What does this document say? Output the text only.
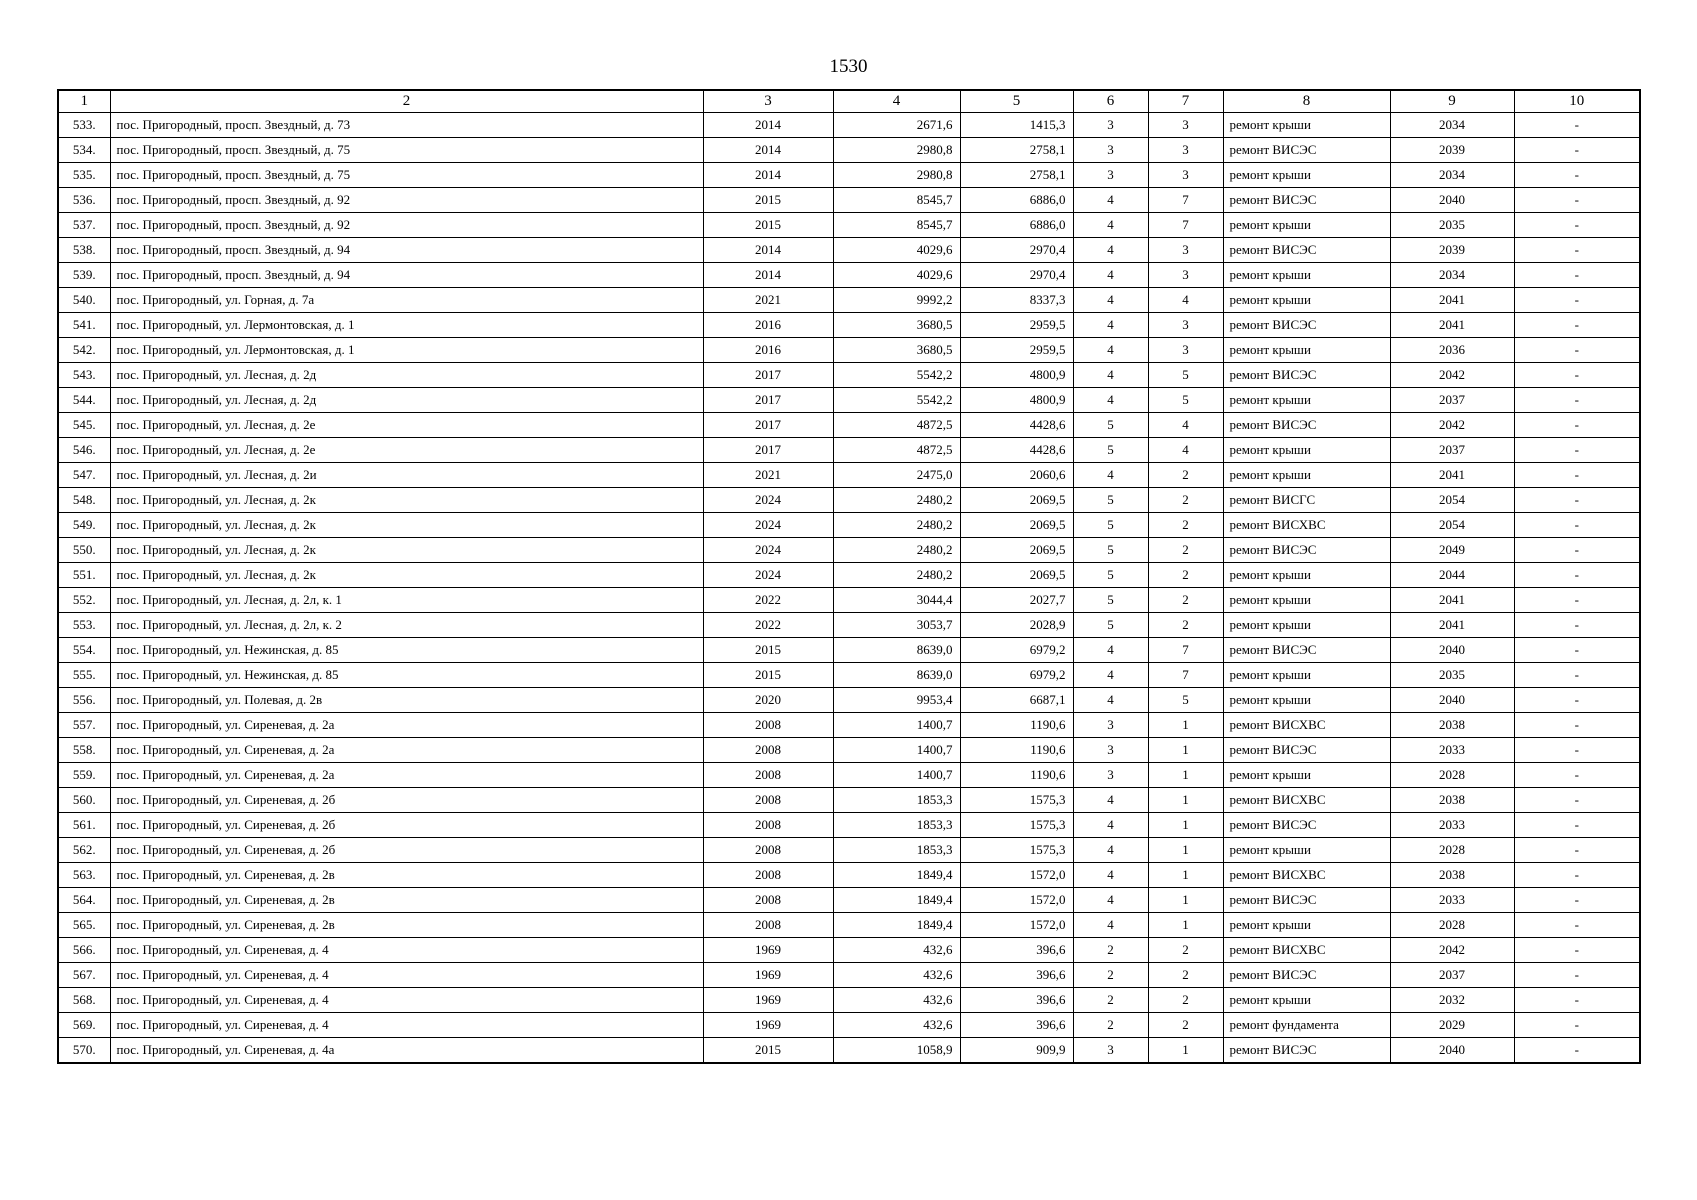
1530
1	2	3	4	5	6	7	8	9	10
533.	пос. Пригородный, просп. Звездный, д. 73	2014	2671,6	1415,3	3	3	ремонт крыши	2034	-
534.	пос. Пригородный, просп. Звездный, д. 75	2014	2980,8	2758,1	3	3	ремонт ВИСЭС	2039	-
535.	пос. Пригородный, просп. Звездный, д. 75	2014	2980,8	2758,1	3	3	ремонт крыши	2034	-
536.	пос. Пригородный, просп. Звездный, д. 92	2015	8545,7	6886,0	4	7	ремонт ВИСЭС	2040	-
537.	пос. Пригородный, просп. Звездный, д. 92	2015	8545,7	6886,0	4	7	ремонт крыши	2035	-
538.	пос. Пригородный, просп. Звездный, д. 94	2014	4029,6	2970,4	4	3	ремонт ВИСЭС	2039	-
539.	пос. Пригородный, просп. Звездный, д. 94	2014	4029,6	2970,4	4	3	ремонт крыши	2034	-
540.	пос. Пригородный, ул. Горная, д. 7а	2021	9992,2	8337,3	4	4	ремонт крыши	2041	-
541.	пос. Пригородный, ул. Лермонтовская, д. 1	2016	3680,5	2959,5	4	3	ремонт ВИСЭС	2041	-
542.	пос. Пригородный, ул. Лермонтовская, д. 1	2016	3680,5	2959,5	4	3	ремонт крыши	2036	-
543.	пос. Пригородный, ул. Лесная, д. 2д	2017	5542,2	4800,9	4	5	ремонт ВИСЭС	2042	-
544.	пос. Пригородный, ул. Лесная, д. 2д	2017	5542,2	4800,9	4	5	ремонт крыши	2037	-
545.	пос. Пригородный, ул. Лесная, д. 2е	2017	4872,5	4428,6	5	4	ремонт ВИСЭС	2042	-
546.	пос. Пригородный, ул. Лесная, д. 2е	2017	4872,5	4428,6	5	4	ремонт крыши	2037	-
547.	пос. Пригородный, ул. Лесная, д. 2и	2021	2475,0	2060,6	4	2	ремонт крыши	2041	-
548.	пос. Пригородный, ул. Лесная, д. 2к	2024	2480,2	2069,5	5	2	ремонт ВИСГС	2054	-
549.	пос. Пригородный, ул. Лесная, д. 2к	2024	2480,2	2069,5	5	2	ремонт ВИСХВС	2054	-
550.	пос. Пригородный, ул. Лесная, д. 2к	2024	2480,2	2069,5	5	2	ремонт ВИСЭС	2049	-
551.	пос. Пригородный, ул. Лесная, д. 2к	2024	2480,2	2069,5	5	2	ремонт крыши	2044	-
552.	пос. Пригородный, ул. Лесная, д. 2л, к. 1	2022	3044,4	2027,7	5	2	ремонт крыши	2041	-
553.	пос. Пригородный, ул. Лесная, д. 2л, к. 2	2022	3053,7	2028,9	5	2	ремонт крыши	2041	-
554.	пос. Пригородный, ул. Нежинская, д. 85	2015	8639,0	6979,2	4	7	ремонт ВИСЭС	2040	-
555.	пос. Пригородный, ул. Нежинская, д. 85	2015	8639,0	6979,2	4	7	ремонт крыши	2035	-
556.	пос. Пригородный, ул. Полевая, д. 2в	2020	9953,4	6687,1	4	5	ремонт крыши	2040	-
557.	пос. Пригородный, ул. Сиреневая, д. 2а	2008	1400,7	1190,6	3	1	ремонт ВИСХВС	2038	-
558.	пос. Пригородный, ул. Сиреневая, д. 2а	2008	1400,7	1190,6	3	1	ремонт ВИСЭС	2033	-
559.	пос. Пригородный, ул. Сиреневая, д. 2а	2008	1400,7	1190,6	3	1	ремонт крыши	2028	-
560.	пос. Пригородный, ул. Сиреневая, д. 2б	2008	1853,3	1575,3	4	1	ремонт ВИСХВС	2038	-
561.	пос. Пригородный, ул. Сиреневая, д. 2б	2008	1853,3	1575,3	4	1	ремонт ВИСЭС	2033	-
562.	пос. Пригородный, ул. Сиреневая, д. 2б	2008	1853,3	1575,3	4	1	ремонт крыши	2028	-
563.	пос. Пригородный, ул. Сиреневая, д. 2в	2008	1849,4	1572,0	4	1	ремонт ВИСХВС	2038	-
564.	пос. Пригородный, ул. Сиреневая, д. 2в	2008	1849,4	1572,0	4	1	ремонт ВИСЭС	2033	-
565.	пос. Пригородный, ул. Сиреневая, д. 2в	2008	1849,4	1572,0	4	1	ремонт крыши	2028	-
566.	пос. Пригородный, ул. Сиреневая, д. 4	1969	432,6	396,6	2	2	ремонт ВИСХВС	2042	-
567.	пос. Пригородный, ул. Сиреневая, д. 4	1969	432,6	396,6	2	2	ремонт ВИСЭС	2037	-
568.	пос. Пригородный, ул. Сиреневая, д. 4	1969	432,6	396,6	2	2	ремонт крыши	2032	-
569.	пос. Пригородный, ул. Сиреневая, д. 4	1969	432,6	396,6	2	2	ремонт фундамента	2029	-
570.	пос. Пригородный, ул. Сиреневая, д. 4а	2015	1058,9	909,9	3	1	ремонт ВИСЭС	2040	-
